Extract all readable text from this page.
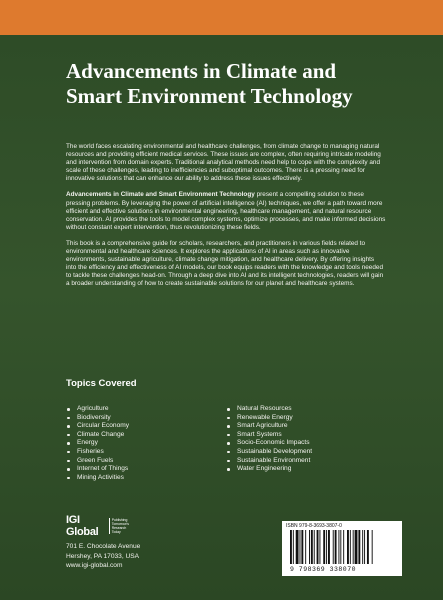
Advancements in Climate and Smart Environment Technology

The world faces escalating environmental and healthcare challenges, from climate change to managing natural resources and providing efficient medical services. These issues are complex, often requiring intricate modeling and intervention from domain experts. Traditional analytical methods need help to cope with the complexity and scale of these challenges, leading to inefficiencies and suboptimal outcomes. There is a pressing need for innovative solutions that can enhance our ability to address these issues effectively.

Advancements in Climate and Smart Environment Technology present a compelling solution to these pressing problems. By leveraging the power of artificial intelligence (AI) techniques, we offer a path toward more efficient and effective solutions in environmental engineering, healthcare management, and natural resource conservation. AI provides the tools to model complex systems, optimize processes, and make informed decisions without constant expert intervention, thus revolutionizing these fields.

This book is a comprehensive guide for scholars, researchers, and practitioners in various fields related to environmental and healthcare sciences. It explores the applications of AI in areas such as innovative environments, sustainable agriculture, climate change mitigation, and healthcare delivery. By offering insights into the efficiency and effectiveness of AI models, our book equips readers with the knowledge and tools needed to tackle these challenges head-on. Through a deep dive into AI and its intelligent technologies, readers will gain a broader understanding of how to create sustainable solutions for our planet and healthcare systems.

Topics Covered
Agriculture
Biodiversity
Circular Economy
Climate Change
Energy
Fisheries
Green Fuels
Internet of Things
Mining Activities
Natural Resources
Renewable Energy
Smart Agriculture
Smart Systems
Socio-Economic Impacts
Sustainable Development
Sustainable Environment
Water Engineering
IGI Global
Publishing Tomorrow's Research Today
701 E. Chocolate Avenue
Hershey, PA 17033, USA
www.igi-global.com
ISBN 979-8-3693-3807-0
9 798369 338070
